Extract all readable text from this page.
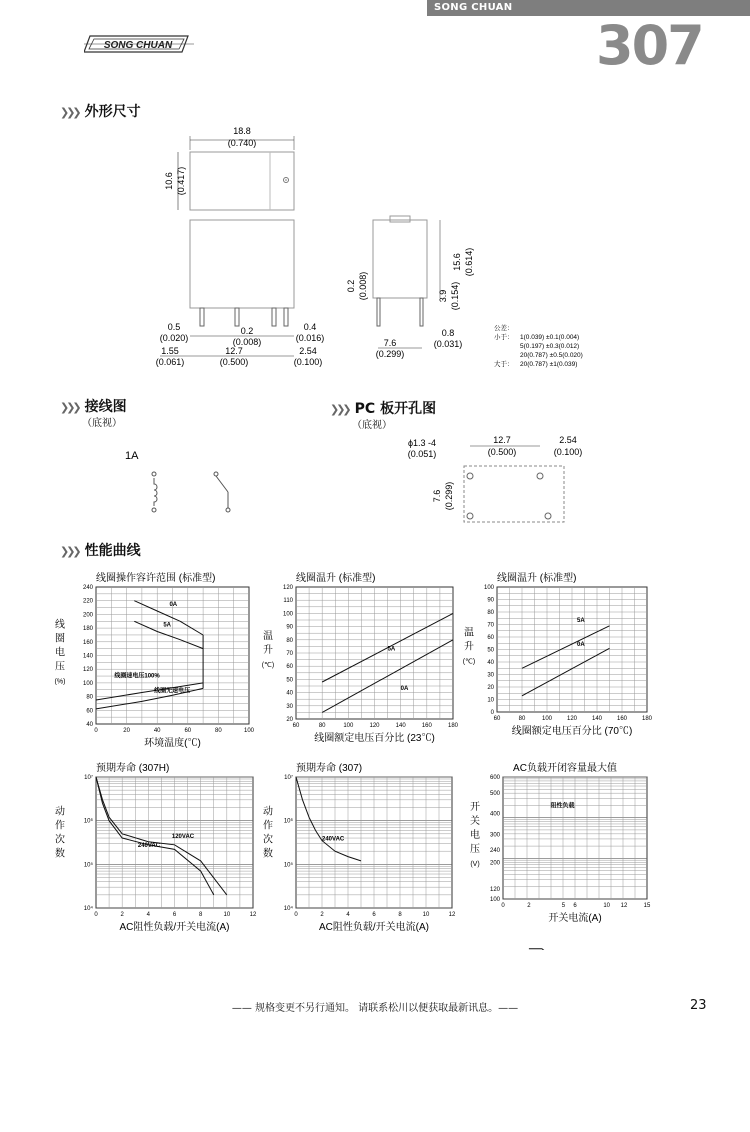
SONG CHUAN
307
SONG CHUAN
❯❯❯ 外形尺寸
18.8
(0.740)
10.6 (0.417)
0.5
(0.020)
0.2
(0.008)
0.4
(0.016)
1.55
(0.061)
12.7
(0.500)
2.54
(0.100)
15.6 (0.614)
0.2 (0.008)	3.9 (0.154)
7.6
(0.299)
0.8
(0.031)
公差：
小于： 1(0.039) ±0.1(0.004)
5(0.197) ±0.3(0.012)
20(0.787) ±0.5(0.020)
大于： 20(0.787) ±1(0.039)
❯❯❯ 接线图
（底视）
1A
❯❯❯ PC 板开孔图
（底视）
ϕ1.3 -4
(0.051)
12.7
(0.500)
2.54
(0.100)
7.6 (0.299)
❯❯❯ 性能曲线
线圈操作容许范围 (标准型)
0	20	40	60	80	100
40
60
80
100
120
140
160
180
200
220
240
环境温度(℃)
线
圈
电
压
(%)
0A
5A
线圈速电压100%
线圈无速电压
线圈温升 (标准型)
60	80	100	120	140	160	180
20
30
40
50
60
70
80
90
100
110
120
线圈额定电压百分比 (23℃)
温
升
(℃)
5A
0A
线圈温升 (标准型)
60	80	100 120 140 160 180
0
10
20
30
40
50
60
70
80
90
100
线圈额定电压百分比 (70℃)
温
升
(℃)
5A
0A
预期寿命 (307H)
0	2	4	6	8	10	12
10⁷
10⁶
10⁵
10⁴
AC阻性负载/开关电流(A)
动
作
次
数
120VAC
240VAC
预期寿命 (307)
0	2	4	6	8	10	12
10⁷
10⁶
10⁵
10⁴
AC阻性负载/开关电流(A)
动
作
次
数
240VAC
AC负载开闭容量最大值
0	2	5 6	10 12	15
100
120
200
240
300
400
500
600
开关电流(A)
开
关
电
压
(V)
阻性负载
—— 规格变更不另行通知。 请联系松川以便获取最新讯息。——	23
